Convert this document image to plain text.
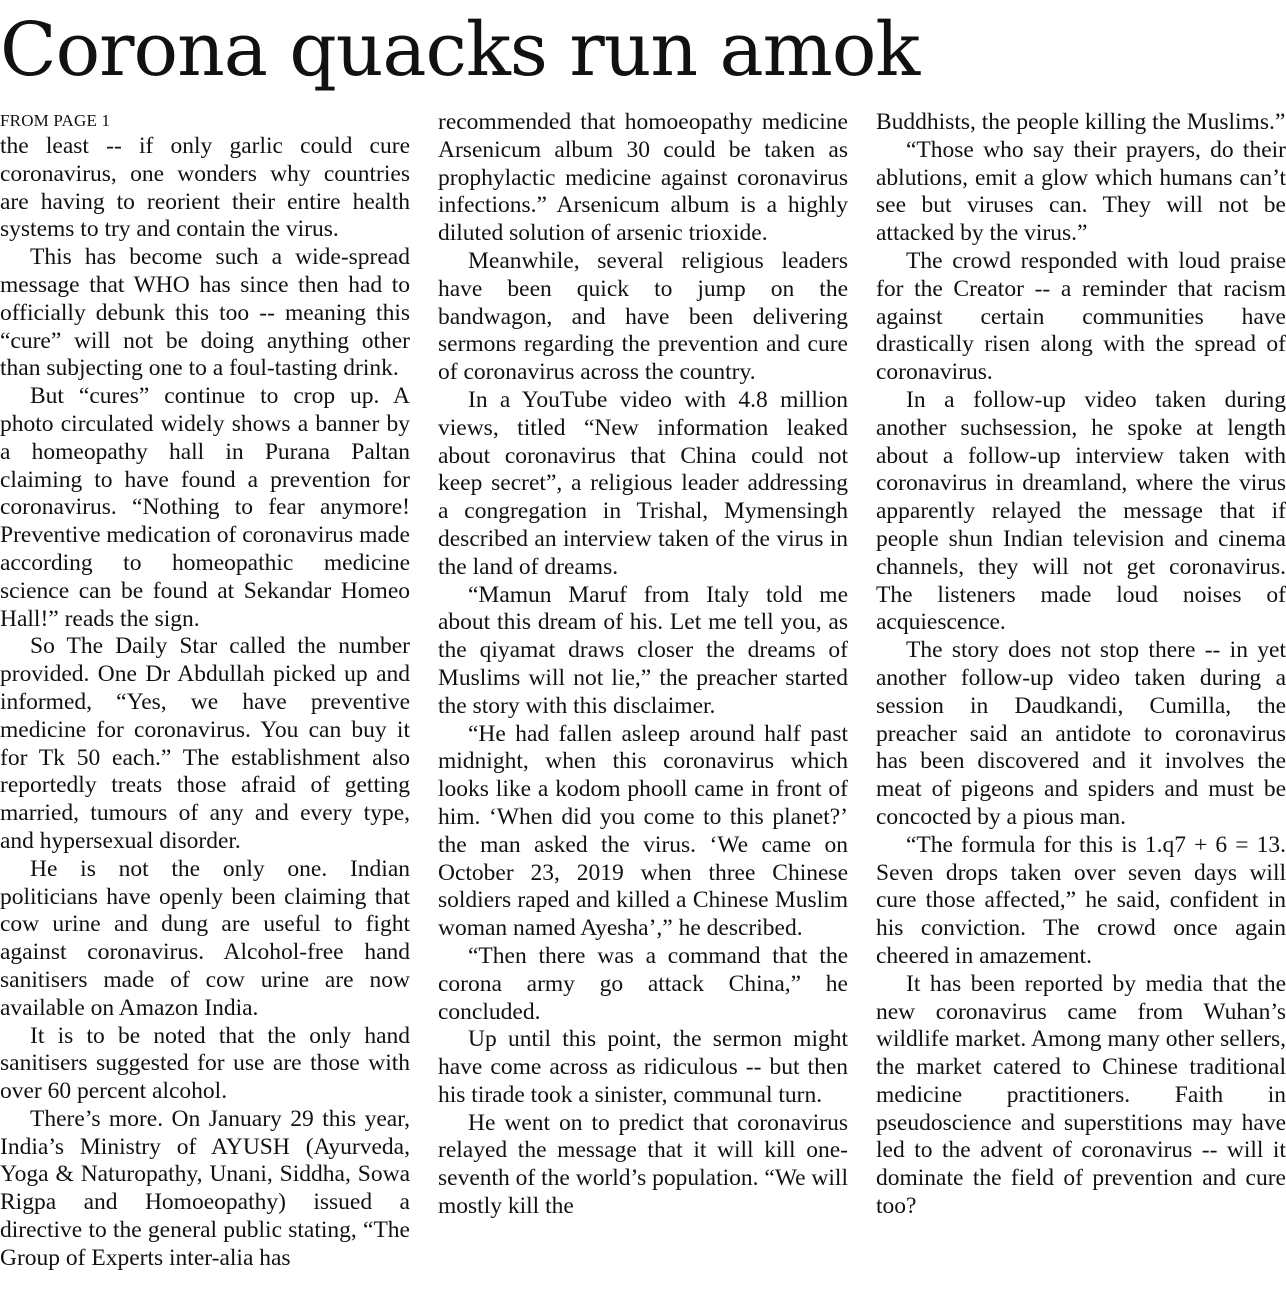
Corona quacks run amok
FROM PAGE 1

the least -- if only garlic could cure coronavirus, one wonders why countries are having to reorient their entire health systems to try and contain the virus.

This has become such a wide-spread message that WHO has since then had to officially debunk this too -- meaning this “cure” will not be doing anything other than subjecting one to a foul-tasting drink.

But “cures” continue to crop up. A photo circulated widely shows a banner by a homeopathy hall in Purana Paltan claiming to have found a prevention for coronavirus. “Nothing to fear anymore! Preventive medication of coronavirus made according to homeopathic medicine science can be found at Sekandar Homeo Hall!” reads the sign.

So The Daily Star called the number provided. One Dr Abdullah picked up and informed, “Yes, we have preventive medicine for coronavirus. You can buy it for Tk 50 each.” The establishment also reportedly treats those afraid of getting married, tumours of any and every type, and hypersexual disorder.

He is not the only one. Indian politicians have openly been claiming that cow urine and dung are useful to fight against coronavirus. Alcohol-free hand sanitisers made of cow urine are now available on Amazon India.

It is to be noted that the only hand sanitisers suggested for use are those with over 60 percent alcohol.

There’s more. On January 29 this year, India’s Ministry of AYUSH (Ayurveda, Yoga & Naturopathy, Unani, Siddha, Sowa Rigpa and Homoeopathy) issued a directive to the general public stating, “The Group of Experts inter-alia has

recommended that homoeopathy medicine Arsenicum album 30 could be taken as prophylactic medicine against coronavirus infections.” Arsenicum album is a highly diluted solution of arsenic trioxide.

Meanwhile, several religious leaders have been quick to jump on the bandwagon, and have been delivering sermons regarding the prevention and cure of coronavirus across the country.

In a YouTube video with 4.8 million views, titled “New information leaked about coronavirus that China could not keep secret”, a religious leader addressing a congregation in Trishal, Mymensingh described an interview taken of the virus in the land of dreams.

“Mamun Maruf from Italy told me about this dream of his. Let me tell you, as the qiyamat draws closer the dreams of Muslims will not lie,” the preacher started the story with this disclaimer.

“He had fallen asleep around half past midnight, when this coronavirus which looks like a kodom phooll came in front of him. ‘When did you come to this planet?’ the man asked the virus. ‘We came on October 23, 2019 when three Chinese soldiers raped and killed a Chinese Muslim woman named Ayesha’,” he described.

“Then there was a command that the corona army go attack China,” he concluded.

Up until this point, the sermon might have come across as ridiculous -- but then his tirade took a sinister, communal turn.

He went on to predict that coronavirus relayed the message that it will kill one-seventh of the world’s population. “We will mostly kill the

Buddhists, the people killing the Muslims.”

“Those who say their prayers, do their ablutions, emit a glow which humans can’t see but viruses can. They will not be attacked by the virus.”

The crowd responded with loud praise for the Creator -- a reminder that racism against certain communities have drastically risen along with the spread of coronavirus.

In a follow-up video taken during another suchsession, he spoke at length about a follow-up interview taken with coronavirus in dreamland, where the virus apparently relayed the message that if people shun Indian television and cinema channels, they will not get coronavirus. The listeners made loud noises of acquiescence.

The story does not stop there -- in yet another follow-up video taken during a session in Daudkandi, Cumilla, the preacher said an antidote to coronavirus has been discovered and it involves the meat of pigeons and spiders and must be concocted by a pious man.

“The formula for this is 1.q7 + 6 = 13. Seven drops taken over seven days will cure those affected,” he said, confident in his conviction. The crowd once again cheered in amazement.

It has been reported by media that the new coronavirus came from Wuhan’s wildlife market. Among many other sellers, the market catered to Chinese traditional medicine practitioners. Faith in pseudoscience and superstitions may have led to the advent of coronavirus -- will it dominate the field of prevention and cure too?
